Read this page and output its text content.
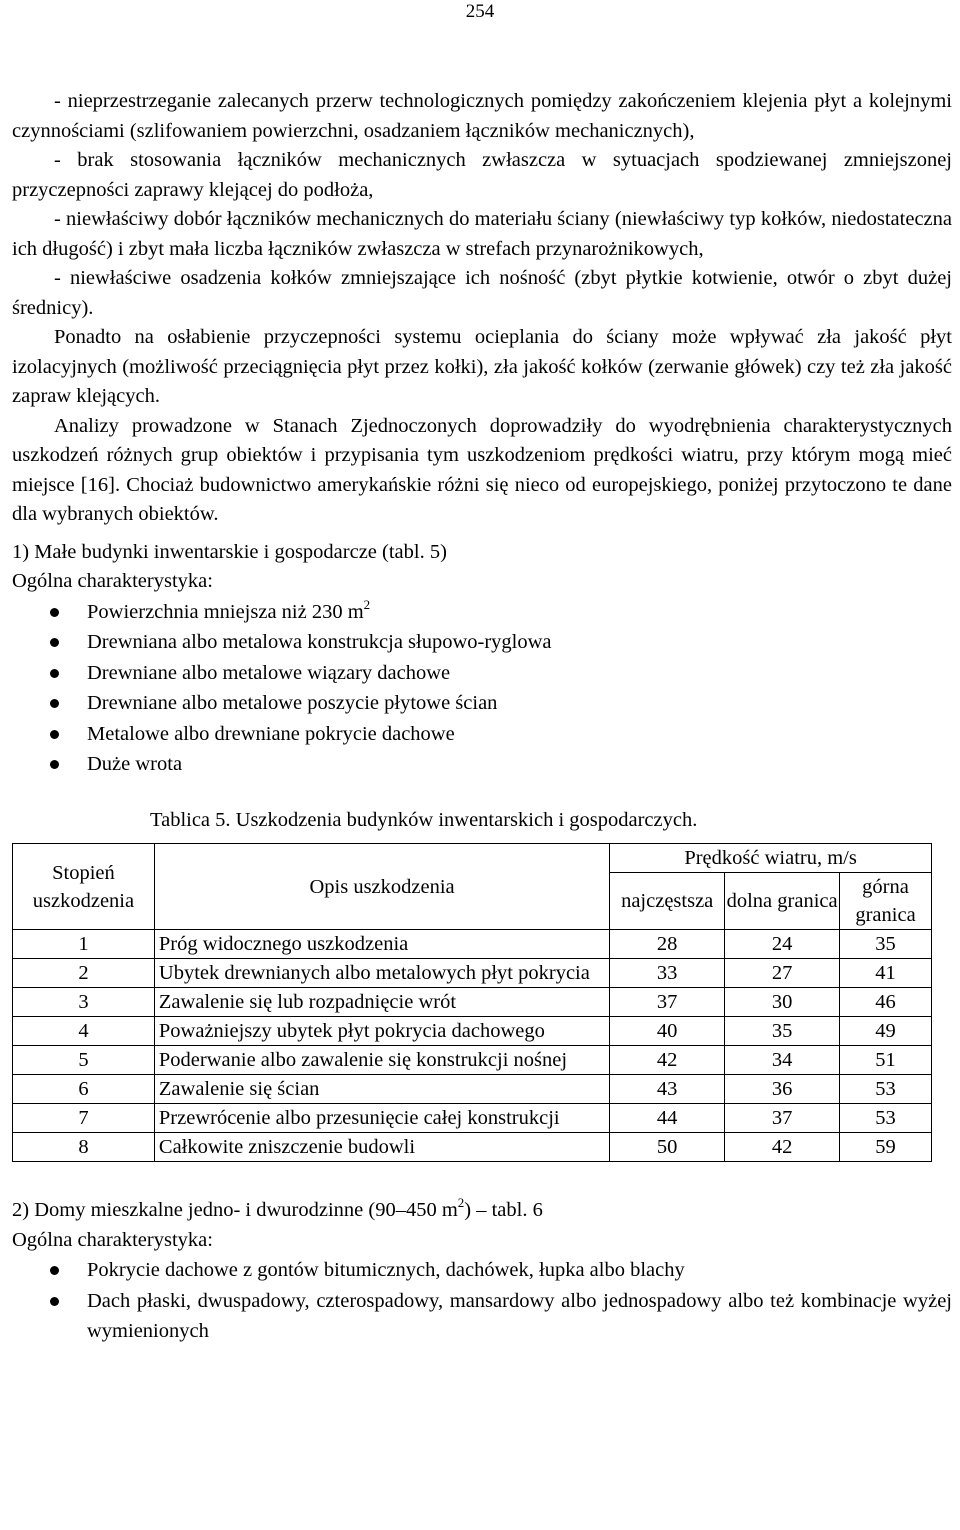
254

- nieprzestrzeganie zalecanych przerw technologicznych pomiędzy zakończeniem klejenia płyt a kolejnymi czynnościami (szlifowaniem powierzchni, osadzaniem łączników mechanicznych),

- brak stosowania łączników mechanicznych zwłaszcza w sytuacjach spodziewanej zmniejszonej przyczepności zaprawy klejącej do podłoża,

- niewłaściwy dobór łączników mechanicznych do materiału ściany (niewłaściwy typ kołków, niedostateczna ich długość) i zbyt mała liczba łączników zwłaszcza w strefach przynarożnikowych,

- niewłaściwe osadzenia kołków zmniejszające ich nośność (zbyt płytkie kotwienie, otwór o zbyt dużej średnicy).

Ponadto na osłabienie przyczepności systemu ocieplania do ściany może wpływać zła jakość płyt izolacyjnych (możliwość przeciągnięcia płyt przez kołki), zła jakość kołków (zerwanie główek) czy też zła jakość zapraw klejących.

Analizy prowadzone w Stanach Zjednoczonych doprowadziły do wyodrębnienia charakterystycznych uszkodzeń różnych grup obiektów i przypisania tym uszkodzeniom prędkości wiatru, przy którym mogą mieć miejsce [16]. Chociaż budownictwo amerykańskie różni się nieco od europejskiego, poniżej przytoczono te dane dla wybranych obiektów.

1) Małe budynki inwentarskie i gospodarcze (tabl. 5)

Ogólna charakterystyka:

Powierzchnia mniejsza niż 230 $m^2$
Drewniana albo metalowa konstrukcja słupowo-ryglowa
Drewniane albo metalowe wiązary dachowe
Drewniane albo metalowe poszycie płytowe ścian
Metalowe albo drewniane pokrycie dachowe
Duże wrota

Tablica 5. Uszkodzenia budynków inwentarskich i gospodarczych.

Stopień uszkodzenia	Opis uszkodzenia	Prędkość wiatru, m/s		
		najczęstsza	dolna granica	górna granica
1	Próg widocznego uszkodzenia	28	24	35
2	Ubytek drewnianych albo metalowych płyt pokrycia	33	27	41
3	Zawalenie się lub rozpadnięcie wrót	37	30	46
4	Poważniejszy ubytek płyt pokrycia dachowego	40	35	49
5	Poderwanie albo zawalenie się konstrukcji nośnej	42	34	51
6	Zawalenie się ścian	43	36	53
7	Przewrócenie albo przesunięcie całej konstrukcji	44	37	53
8	Całkowite zniszczenie budowli	50	42	59

2) Domy mieszkalne jedno- i dwurodzinne (90–450 $m^2$) – tabl. 6

Ogólna charakterystyka:

Pokrycie dachowe z gontów bitumicznych, dachówek, łupka albo blachy
Dach płaski, dwuspadowy, czterospadowy, mansardowy albo jednospadowy albo też kombinacje wyżej wymienionych
